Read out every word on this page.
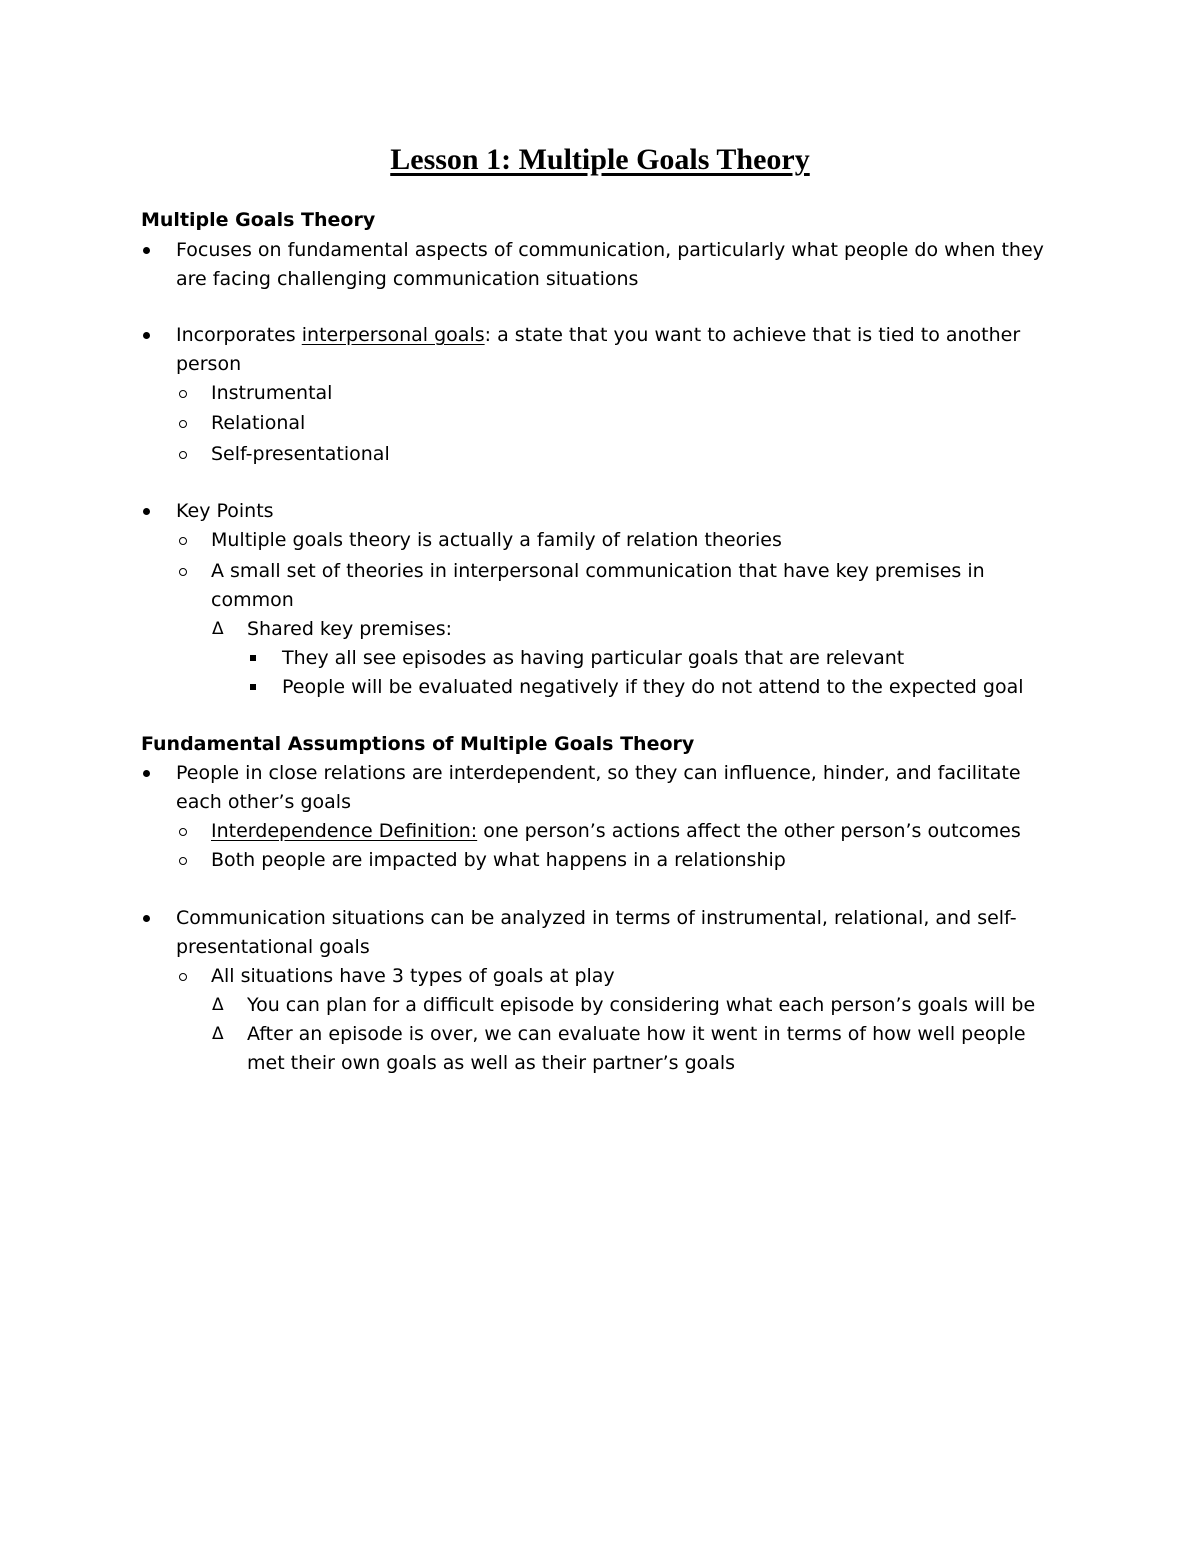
Lesson 1: Multiple Goals Theory
Multiple Goals Theory
Focuses on fundamental aspects of communication, particularly what people do when they
are facing challenging communication situations
Incorporates interpersonal goals: a state that you want to achieve that is tied to another
person
Instrumental
Relational
Self-presentational
Key Points
Multiple goals theory is actually a family of relation theories
A small set of theories in interpersonal communication that have key premises in
common
Δ Shared key premises:
They all see episodes as having particular goals that are relevant
People will be evaluated negatively if they do not attend to the expected goal
Fundamental Assumptions of Multiple Goals Theory
People in close relations are interdependent, so they can influence, hinder, and facilitate
each other’s goals
Interdependence Definition: one person’s actions affect the other person’s outcomes
Both people are impacted by what happens in a relationship
Communication situations can be analyzed in terms of instrumental, relational, and self-
presentational goals
All situations have 3 types of goals at play
Δ You can plan for a difficult episode by considering what each person’s goals will be
Δ After an episode is over, we can evaluate how it went in terms of how well people
met their own goals as well as their partner’s goals
